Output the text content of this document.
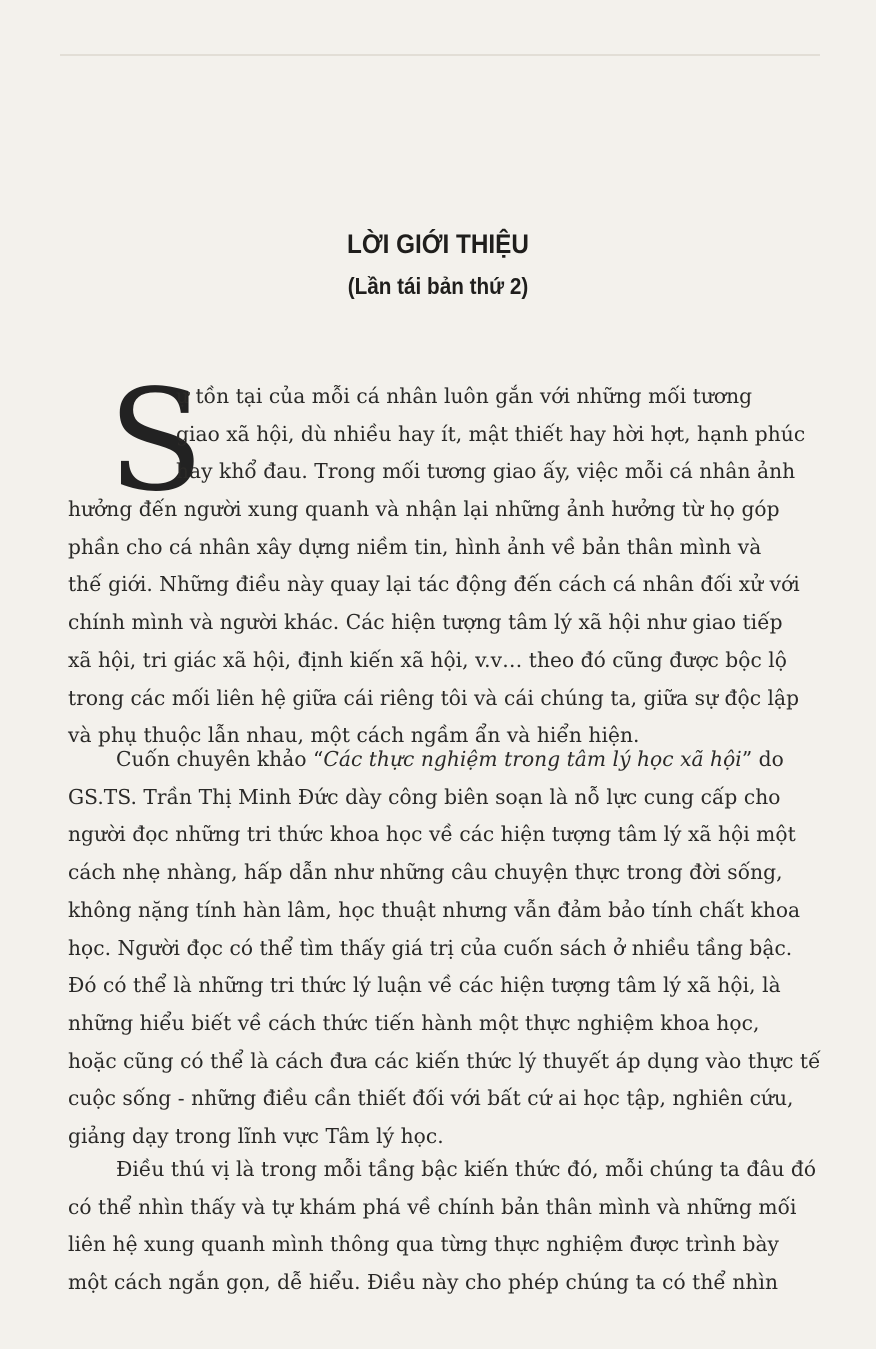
LỜI GIỚI THIỆU
(Lần tái bản thứ 2)
S
ự tồn tại của mỗi cá nhân luôn gắn với những mối tương
giao xã hội, dù nhiều hay ít, mật thiết hay hời hợt, hạnh phúc
hay khổ đau. Trong mối tương giao ấy, việc mỗi cá nhân ảnh
hưởng đến người xung quanh và nhận lại những ảnh hưởng từ họ góp
phần cho cá nhân xây dựng niềm tin, hình ảnh về bản thân mình và
thế giới. Những điều này quay lại tác động đến cách cá nhân đối xử với
chính mình và người khác. Các hiện tượng tâm lý xã hội như giao tiếp
xã hội, tri giác xã hội, định kiến xã hội, v.v… theo đó cũng được bộc lộ
trong các mối liên hệ giữa cái riêng tôi và cái chúng ta, giữa sự độc lập
và phụ thuộc lẫn nhau, một cách ngầm ẩn và hiển hiện.
Cuốn chuyên khảo “Các thực nghiệm trong tâm lý học xã hội” do
GS.TS. Trần Thị Minh Đức dày công biên soạn là nỗ lực cung cấp cho
người đọc những tri thức khoa học về các hiện tượng tâm lý xã hội một
cách nhẹ nhàng, hấp dẫn như những câu chuyện thực trong đời sống,
không nặng tính hàn lâm, học thuật nhưng vẫn đảm bảo tính chất khoa
học. Người đọc có thể tìm thấy giá trị của cuốn sách ở nhiều tầng bậc.
Đó có thể là những tri thức lý luận về các hiện tượng tâm lý xã hội, là
những hiểu biết về cách thức tiến hành một thực nghiệm khoa học,
hoặc cũng có thể là cách đưa các kiến thức lý thuyết áp dụng vào thực tế
cuộc sống - những điều cần thiết đối với bất cứ ai học tập, nghiên cứu,
giảng dạy trong lĩnh vực Tâm lý học.
Điều thú vị là trong mỗi tầng bậc kiến thức đó, mỗi chúng ta đâu đó
có thể nhìn thấy và tự khám phá về chính bản thân mình và những mối
liên hệ xung quanh mình thông qua từng thực nghiệm được trình bày
một cách ngắn gọn, dễ hiểu. Điều này cho phép chúng ta có thể nhìn
